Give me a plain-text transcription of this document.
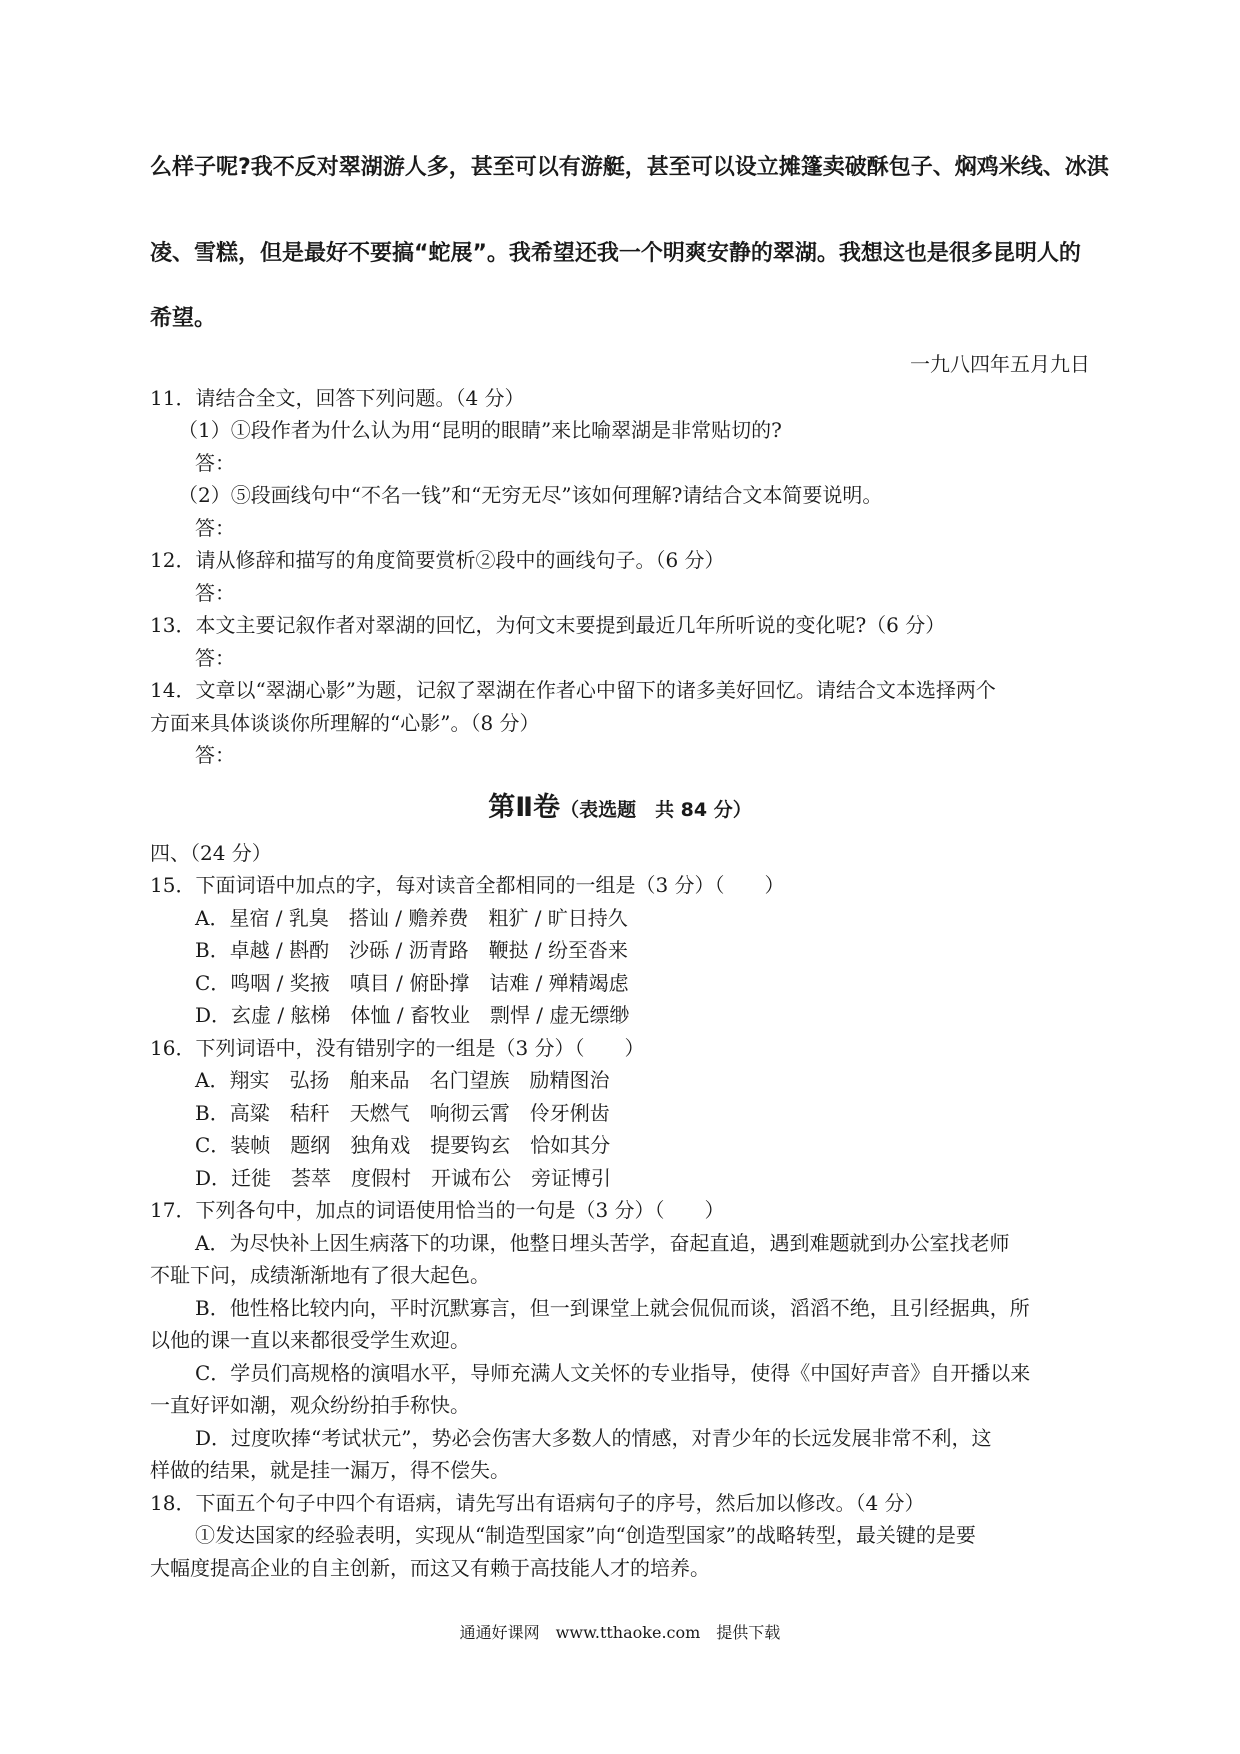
么样子呢?我不反对翠湖游人多，甚至可以有游艇，甚至可以设立摊篷卖破酥包子、焖鸡米线、冰淇
凌、雪糕，但是最好不要搞“蛇展”。我希望还我一个明爽安静的翠湖。我想这也是很多昆明人的
希望。
一九八四年五月九日
11．请结合全文，回答下列问题。（4 分）
（1）①段作者为什么认为用“昆明的眼睛”来比喻翠湖是非常贴切的?
答：
（2）⑤段画线句中“不名一钱”和“无穷无尽”该如何理解?请结合文本简要说明。
答：
12．请从修辞和描写的角度简要赏析②段中的画线句子。（6 分）
答：
13．本文主要记叙作者对翠湖的回忆，为何文末要提到最近几年所听说的变化呢?（6 分）
答：
14．文章以“翠湖心影”为题，记叙了翠湖在作者心中留下的诸多美好回忆。请结合文本选择两个
方面来具体谈谈你所理解的“心影”。（8 分）
答：
第Ⅱ卷（表选题　共 84 分）
四、（24 分）
15．下面词语中加点的字，每对读音全都相同的一组是（3 分）（　　）
A．星宿 / 乳臭　搭讪 / 赡养费　粗犷 / 旷日持久
B．卓越 / 斟酌　沙砾 / 沥青路　鞭挞 / 纷至沓来
C．鸣咽 / 奖掖　嗔目 / 俯卧撑　诘难 / 殚精竭虑
D．玄虚 / 舷梯　体恤 / 畜牧业　剽悍 / 虚无缥缈
16．下列词语中，没有错别字的一组是（3 分）（　　）
A．翔实　弘扬　舶来品　名门望族　励精图治
B．高粱　秸秆　天燃气　响彻云霄　伶牙俐齿
C．装帧　题纲　独角戏　提要钩玄　恰如其分
D．迁徙　荟萃　度假村　开诚布公　旁证博引
17．下列各句中，加点的词语使用恰当的一句是（3 分）（　　）
A．为尽快补上因生病落下的功课，他整日埋头苦学，奋起直追，遇到难题就到办公室找老师
不耻下问，成绩渐渐地有了很大起色。
B．他性格比较内向，平时沉默寡言，但一到课堂上就会侃侃而谈，滔滔不绝，且引经据典，所
以他的课一直以来都很受学生欢迎。
C．学员们高规格的演唱水平，导师充满人文关怀的专业指导，使得《中国好声音》自开播以来
一直好评如潮，观众纷纷拍手称快。
D．过度吹捧“考试状元”，势必会伤害大多数人的情感，对青少年的长远发展非常不利，这
样做的结果，就是挂一漏万，得不偿失。
18．下面五个句子中四个有语病，请先写出有语病句子的序号，然后加以修改。（4 分）
①发达国家的经验表明，实现从“制造型国家”向“创造型国家”的战略转型，最关键的是要
大幅度提高企业的自主创新，而这又有赖于高技能人才的培养。
通通好课网　www.tthaoke.com　提供下载
